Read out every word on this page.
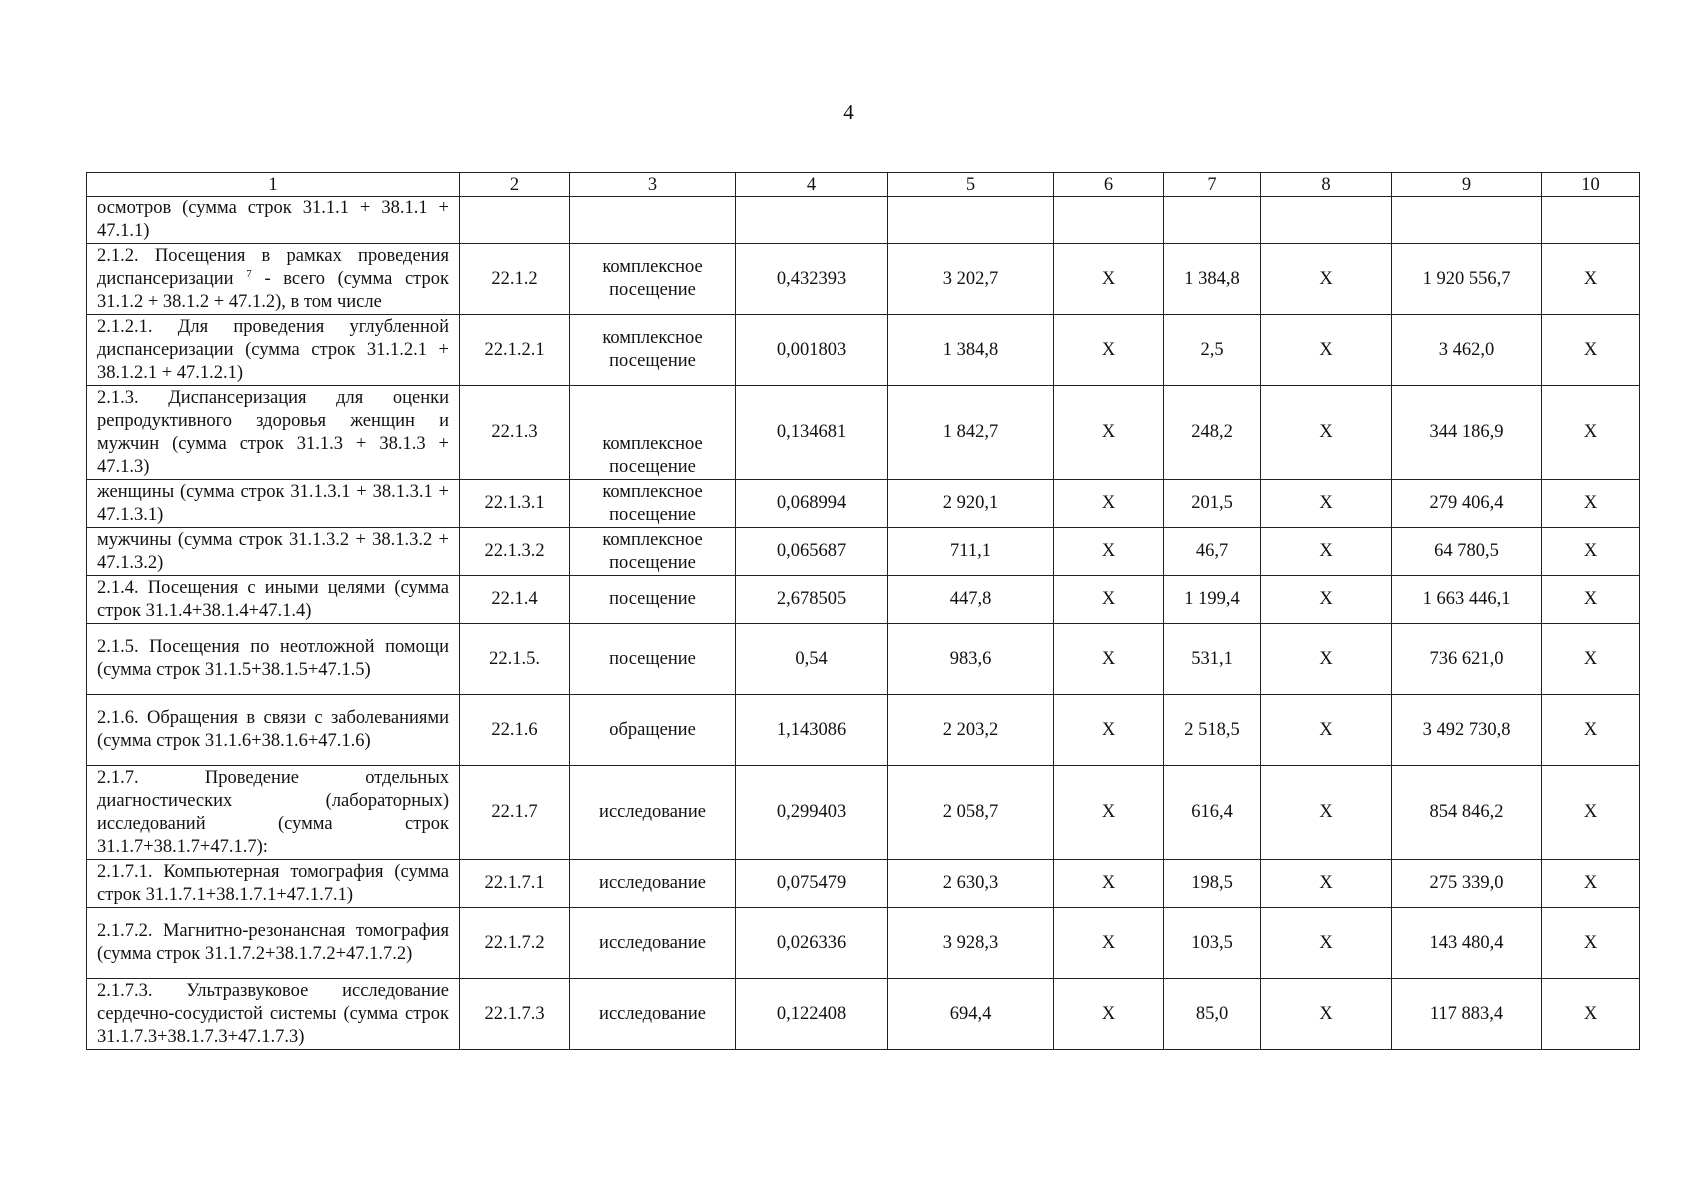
4
1	2	3	4	5	6	7	8	9	10
осмотров (сумма строк 31.1.1 + 38.1.1 + 47.1.1)									
2.1.2. Посещения в рамках проведения диспансеризации $^7$ - всего (сумма строк 31.1.2 + 38.1.2 + 47.1.2), в том числе	22.1.2	комплексное посещение	0,432393	3 202,7	Х	1 384,8	Х	1 920 556,7	Х
2.1.2.1. Для проведения углубленной диспансеризации (сумма строк 31.1.2.1 + 38.1.2.1 + 47.1.2.1)	22.1.2.1	комплексное посещение	0,001803	1 384,8	Х	2,5	Х	3 462,0	Х
2.1.3. Диспансеризация для оценки репродуктивного здоровья женщин и мужчин (сумма строк 31.1.3 + 38.1.3 + 47.1.3)	22.1.3	комплексное посещение	0,134681	1 842,7	Х	248,2	Х	344 186,9	Х
женщины (сумма строк 31.1.3.1 + 38.1.3.1 + 47.1.3.1)	22.1.3.1	комплексное посещение	0,068994	2 920,1	Х	201,5	Х	279 406,4	Х
мужчины (сумма строк 31.1.3.2 + 38.1.3.2 + 47.1.3.2)	22.1.3.2	комплексное посещение	0,065687	711,1	Х	46,7	Х	64 780,5	Х
2.1.4. Посещения с иными целями (сумма строк 31.1.4+38.1.4+47.1.4)	22.1.4	посещение	2,678505	447,8	Х	1 199,4	Х	1 663 446,1	Х
2.1.5. Посещения по неотложной помощи (сумма строк 31.1.5+38.1.5+47.1.5)	22.1.5.	посещение	0,54	983,6	Х	531,1	Х	736 621,0	Х
2.1.6. Обращения в связи с заболеваниями (сумма строк 31.1.6+38.1.6+47.1.6)	22.1.6	обращение	1,143086	2 203,2	Х	2 518,5	Х	3 492 730,8	Х
2.1.7. Проведение отдельных диагностических (лабораторных) исследований (сумма строк 31.1.7+38.1.7+47.1.7):	22.1.7	исследование	0,299403	2 058,7	Х	616,4	Х	854 846,2	Х
2.1.7.1. Компьютерная томография (сумма строк 31.1.7.1+38.1.7.1+47.1.7.1)	22.1.7.1	исследование	0,075479	2 630,3	Х	198,5	Х	275 339,0	Х
2.1.7.2. Магнитно-резонансная томография (сумма строк 31.1.7.2+38.1.7.2+47.1.7.2)	22.1.7.2	исследование	0,026336	3 928,3	Х	103,5	Х	143 480,4	Х
2.1.7.3. Ультразвуковое исследование сердечно-сосудистой системы (сумма строк 31.1.7.3+38.1.7.3+47.1.7.3)	22.1.7.3	исследование	0,122408	694,4	Х	85,0	Х	117 883,4	Х
